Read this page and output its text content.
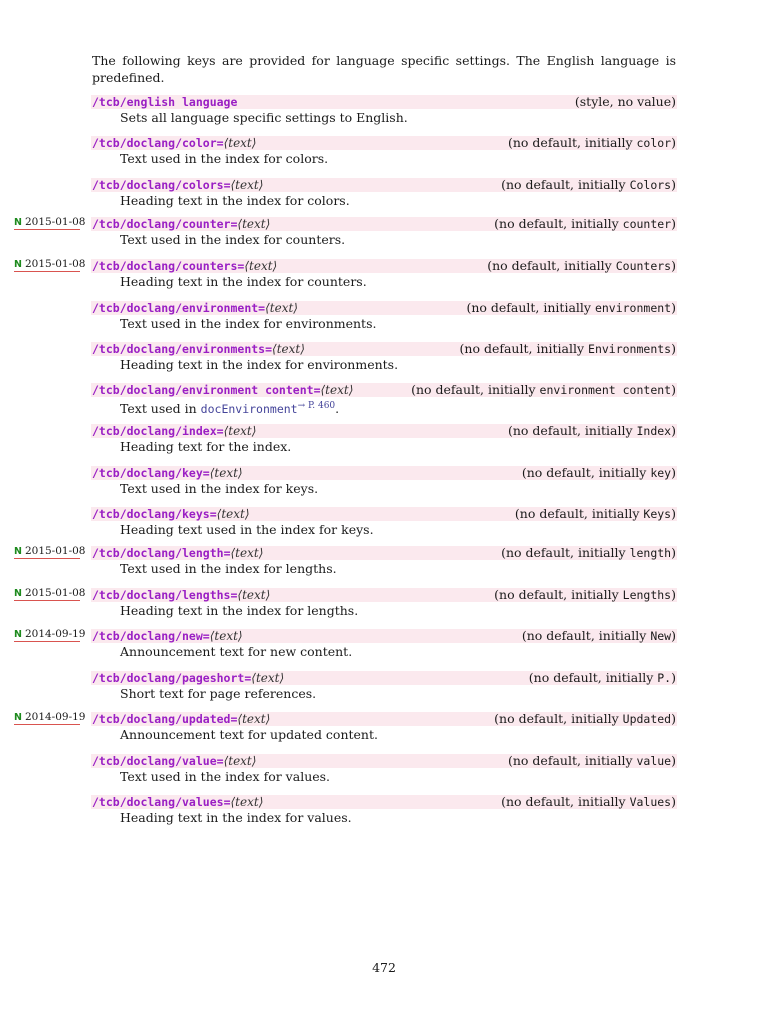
The following keys are provided for language specific settings. The English language is predefined.

/tcb/english language	(style, no value)
Sets all language specific settings to English.
/tcb/doclang/color=⟨text⟩	(no default, initially color)
Text used in the index for colors.
/tcb/doclang/colors=⟨text⟩	(no default, initially Colors)
Heading text in the index for colors.
/tcb/doclang/counter=⟨text⟩	(no default, initially counter)
Text used in the index for counters.
N 2015-01-08
/tcb/doclang/counters=⟨text⟩	(no default, initially Counters)
Heading text in the index for counters.
N 2015-01-08
/tcb/doclang/environment=⟨text⟩	(no default, initially environment)
Text used in the index for environments.
/tcb/doclang/environments=⟨text⟩	(no default, initially Environments)
Heading text in the index for environments.
/tcb/doclang/environment content=⟨text⟩	(no default, initially environment content)
Text used in docEnvironment$^{\to P. 460}$.
/tcb/doclang/index=⟨text⟩	(no default, initially Index)
Heading text for the index.
/tcb/doclang/key=⟨text⟩	(no default, initially key)
Text used in the index for keys.
/tcb/doclang/keys=⟨text⟩	(no default, initially Keys)
Heading text used in the index for keys.
/tcb/doclang/length=⟨text⟩	(no default, initially length)
Text used in the index for lengths.
N 2015-01-08
/tcb/doclang/lengths=⟨text⟩	(no default, initially Lengths)
Heading text in the index for lengths.
N 2015-01-08
/tcb/doclang/new=⟨text⟩	(no default, initially New)
Announcement text for new content.
N 2014-09-19
/tcb/doclang/pageshort=⟨text⟩	(no default, initially P.)
Short text for page references.
/tcb/doclang/updated=⟨text⟩	(no default, initially Updated)
Announcement text for updated content.
N 2014-09-19
/tcb/doclang/value=⟨text⟩	(no default, initially value)
Text used in the index for values.
/tcb/doclang/values=⟨text⟩	(no default, initially Values)
Heading text in the index for values.
472
